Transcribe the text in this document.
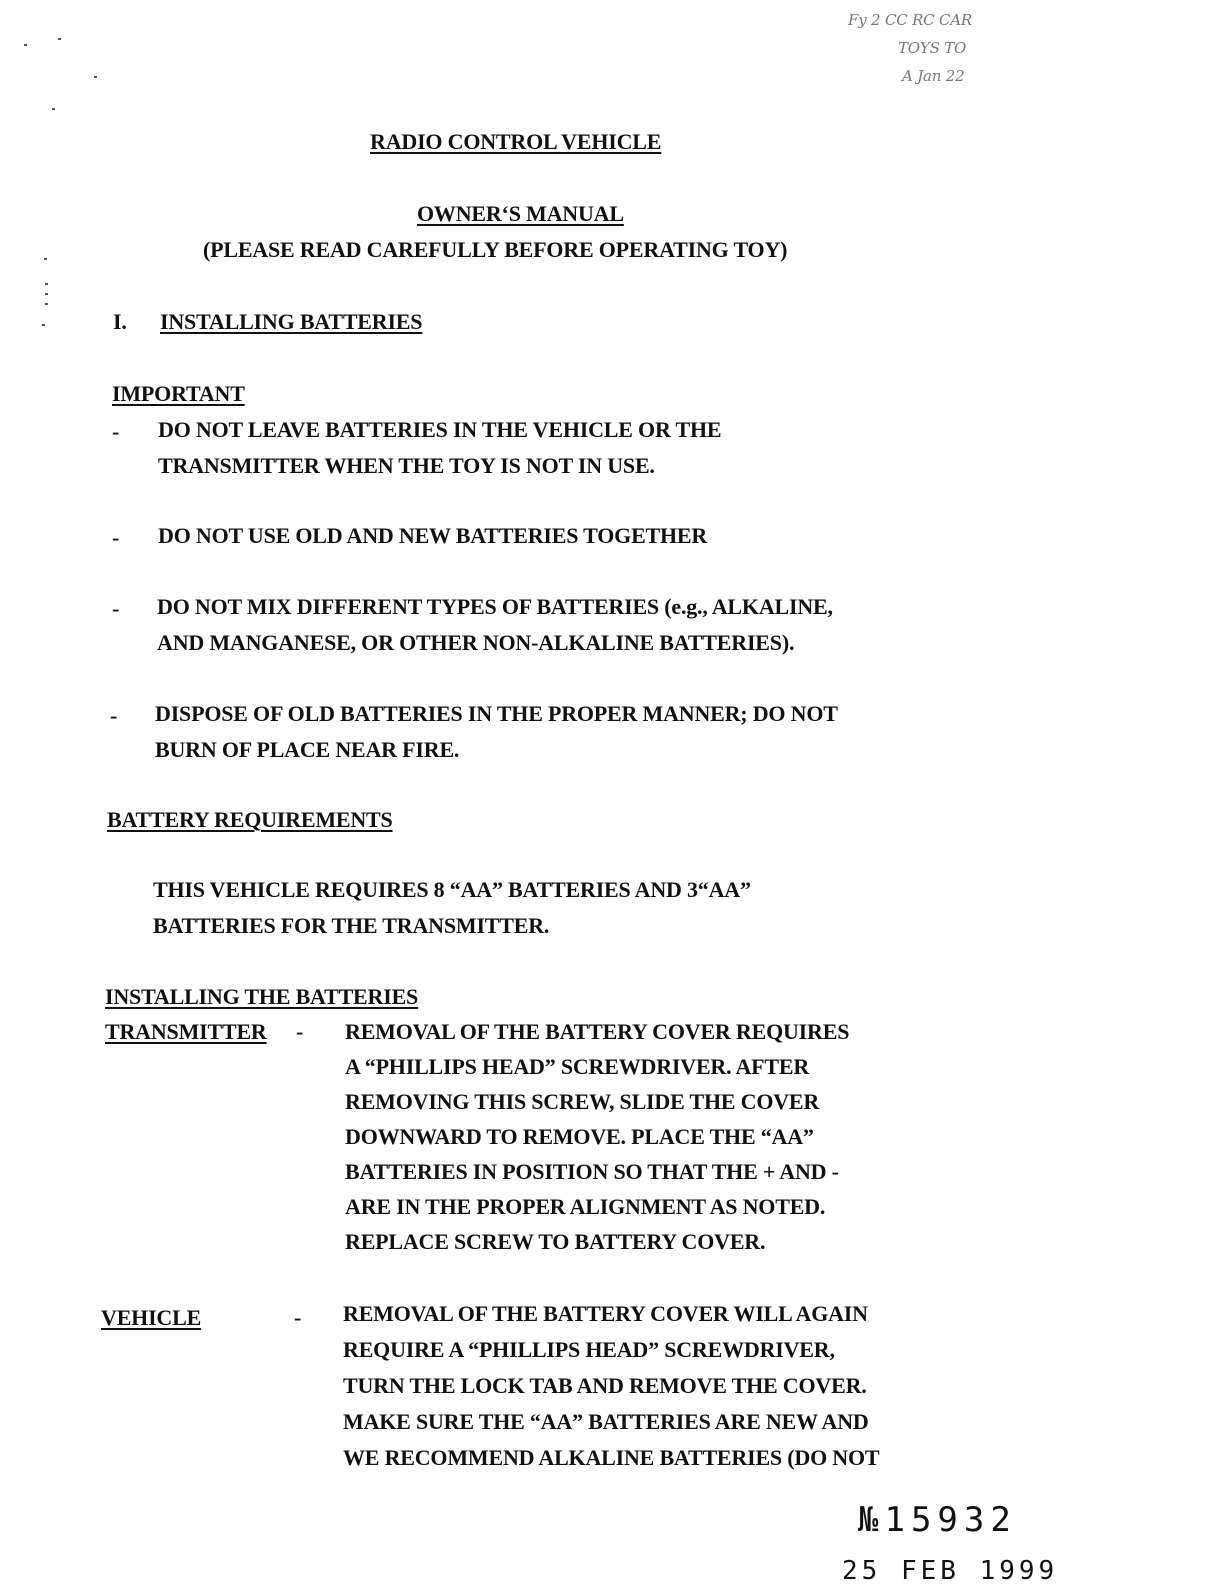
Fy 2 CC RC CAR
TOYS TO
A Jan 22
RADIO CONTROL VEHICLE
OWNER‘S MANUAL
(PLEASE READ CAREFULLY BEFORE OPERATING TOY)
I. INSTALLING BATTERIES
IMPORTANT
- DO NOT LEAVE BATTERIES IN THE VEHICLE OR THE
TRANSMITTER WHEN THE TOY IS NOT IN USE.
- DO NOT USE OLD AND NEW BATTERIES TOGETHER
- DO NOT MIX DIFFERENT TYPES OF BATTERIES (e.g., ALKALINE,
AND MANGANESE, OR OTHER NON-ALKALINE BATTERIES).
- DISPOSE OF OLD BATTERIES IN THE PROPER MANNER; DO NOT
BURN OF PLACE NEAR FIRE.
BATTERY REQUIREMENTS
THIS VEHICLE REQUIRES 8 “AA” BATTERIES AND 3“AA”
BATTERIES FOR THE TRANSMITTER.
INSTALLING THE BATTERIES
TRANSMITTER - REMOVAL OF THE BATTERY COVER REQUIRES
A “PHILLIPS HEAD” SCREWDRIVER. AFTER
REMOVING THIS SCREW, SLIDE THE COVER
DOWNWARD TO REMOVE. PLACE THE “AA”
BATTERIES IN POSITION SO THAT THE + AND -
ARE IN THE PROPER ALIGNMENT AS NOTED.
REPLACE SCREW TO BATTERY COVER.
VEHICLE	- REMOVAL OF THE BATTERY COVER WILL AGAIN
REQUIRE A “PHILLIPS HEAD” SCREWDRIVER,
TURN THE LOCK TAB AND REMOVE THE COVER.
MAKE SURE THE “AA” BATTERIES ARE NEW AND
WE RECOMMEND ALKALINE BATTERIES (DO NOT
№15932
25 FEB 1999
